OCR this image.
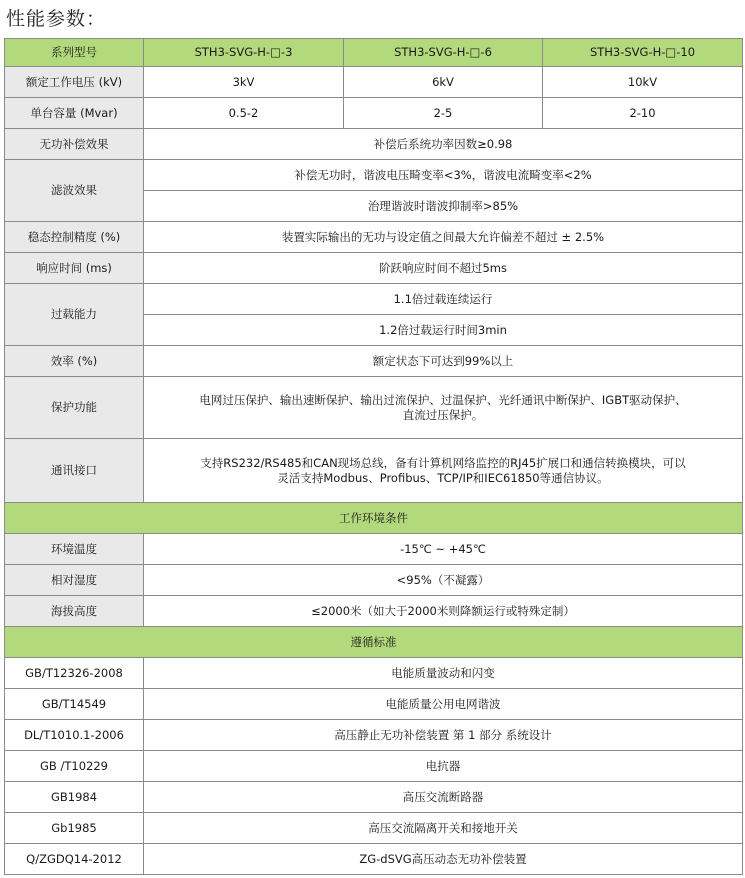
性能参数：
系列型号	STH3-SVG-H-□-3	STH3-SVG-H-□-6	STH3-SVG-H-□-10
额定工作电压 (kV)	3kV	6kV	10kV
单台容量 (Mvar)	0.5-2	2-5	2-10
无功补偿效果	补偿后系统功率因数≥0.98		
滤波效果	补偿无功时，谐波电压畸变率<3%，谐波电流畸变率<2%		
	治理谐波时谐波抑制率>85%		
稳态控制精度 (%)	装置实际输出的无功与设定值之间最大允许偏差不超过 ± 2.5%		
响应时间 (ms)	阶跃响应时间不超过5ms		
过载能力	1.1倍过载连续运行		
	1.2倍过载运行时间3min		
效率 (%)	额定状态下可达到99%以上		
保护功能	电网过压保护、输出速断保护、输出过流保护、过温保护、光纤通讯中断保护、IGBT驱动保护、
直流过压保护。		

通讯接口	支持RS232/RS485和CAN现场总线，备有计算机网络监控的RJ45扩展口和通信转换模块，可以
灵活支持Modbus、Profibus、TCP/IP和IEC61850等通信协议。		

工作环境条件			
环境温度	-15℃ ~ +45℃		
相对湿度	<95%（不凝露）		
海拔高度	≤2000米（如大于2000米则降额运行或特殊定制）		
遵循标准			
GB/T12326-2008	电能质量波动和闪变		
GB/T14549	电能质量公用电网谐波		
DL/T1010.1-2006	高压静止无功补偿装置 第 1 部分 系统设计		
GB /T10229	电抗器		
GB1984	高压交流断路器		
Gb1985	高压交流隔离开关和接地开关		
Q/ZGDQ14-2012	ZG-dSVG高压动态无功补偿装置		
